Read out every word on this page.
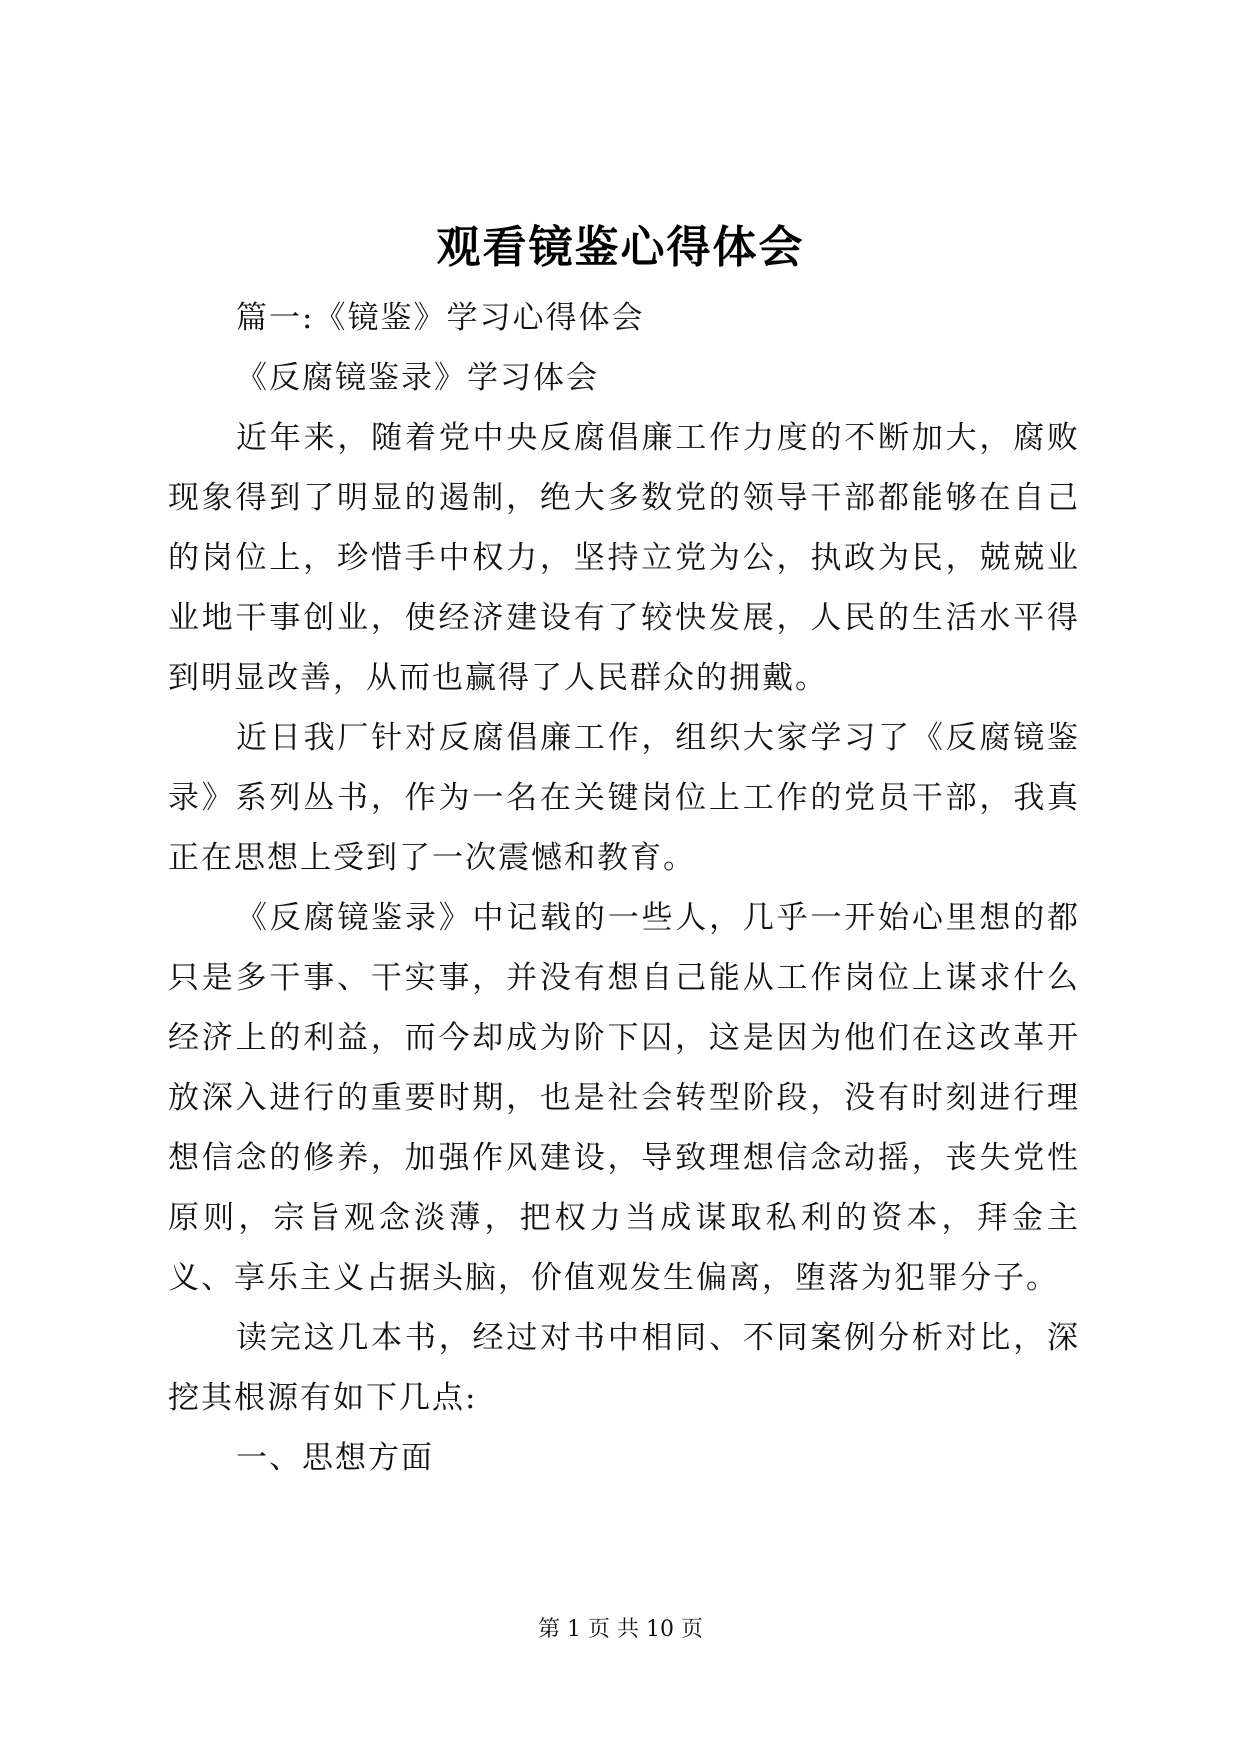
观看镜鉴心得体会

篇一:《镜鉴》学习心得体会

《反腐镜鉴录》学习体会

近年来，随着党中央反腐倡廉工作力度的不断加大，腐败现象得到了明显的遏制，绝大多数党的领导干部都能够在自己的岗位上，珍惜手中权力，坚持立党为公，执政为民，兢兢业业地干事创业，使经济建设有了较快发展，人民的生活水平得到明显改善，从而也赢得了人民群众的拥戴。

近日我厂针对反腐倡廉工作，组织大家学习了《反腐镜鉴录》系列丛书，作为一名在关键岗位上工作的党员干部，我真正在思想上受到了一次震憾和教育。

《反腐镜鉴录》中记载的一些人，几乎一开始心里想的都只是多干事、干实事，并没有想自己能从工作岗位上谋求什么经济上的利益，而今却成为阶下囚，这是因为他们在这改革开放深入进行的重要时期，也是社会转型阶段，没有时刻进行理想信念的修养，加强作风建设，导致理想信念动摇，丧失党性原则，宗旨观念淡薄，把权力当成谋取私利的资本，拜金主义、享乐主义占据头脑，价值观发生偏离，堕落为犯罪分子。

读完这几本书，经过对书中相同、不同案例分析对比，深挖其根源有如下几点:

一、思想方面

第 1 页 共 10 页
